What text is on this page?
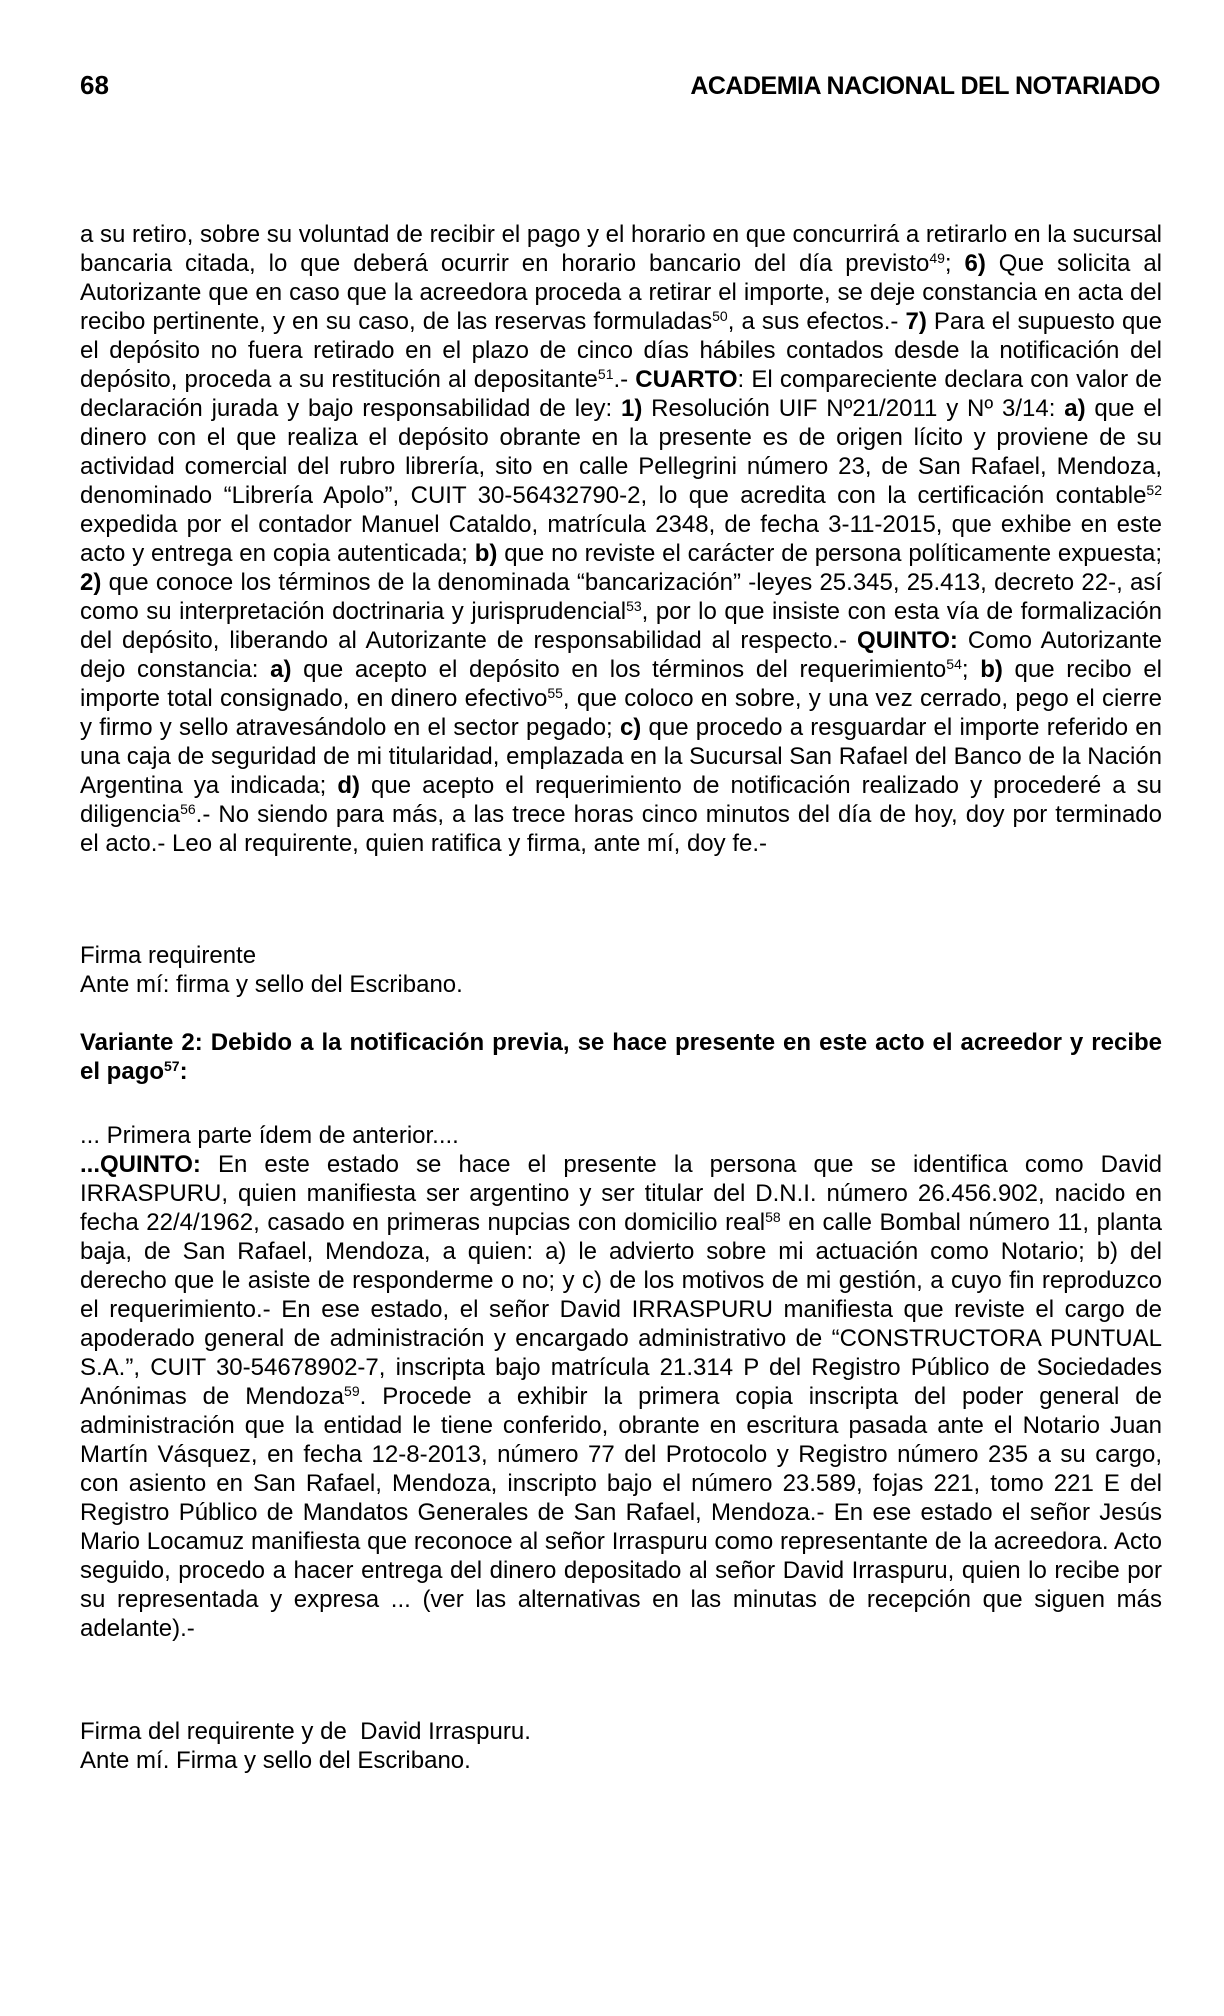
68	ACADEMIA NACIONAL DEL NOTARIADO

a su retiro, sobre su voluntad de recibir el pago y el horario en que concurrirá a retirarlo en la sucursal bancaria citada, lo que deberá ocurrir en horario bancario del día previsto$^{49}$; 6) Que solicita al Autorizante que en caso que la acreedora proceda a retirar el importe, se deje constancia en acta del recibo pertinente, y en su caso, de las reservas formuladas$^{50}$, a sus efectos.- 7) Para el supuesto que el depósito no fuera retirado en el plazo de cinco días hábiles contados desde la notificación del depósito, proceda a su restitución al depositante$^{51}$.- CUARTO: El compareciente declara con valor de declaración jurada y bajo responsabilidad de ley: 1) Resolución UIF Nº21/2011 y Nº 3/14: a) que el dinero con el que realiza el depósito obrante en la presente es de origen lícito y proviene de su actividad comercial del rubro librería, sito en calle Pellegrini número 23, de San Rafael, Mendoza, denominado “Librería Apolo”, CUIT 30-56432790-2, lo que acredita con la certificación contable$^{52}$ expedida por el contador Manuel Cataldo, matrícula 2348, de fecha 3-11-2015, que exhibe en este acto y entrega en copia autenticada; b) que no reviste el carácter de persona políticamente expuesta; 2) que conoce los términos de la denominada “bancarización” -leyes 25.345, 25.413, decreto 22-, así como su interpretación doctrinaria y jurisprudencial$^{53}$, por lo que insiste con esta vía de formalización del depósito, liberando al Autorizante de responsabilidad al respecto.- QUINTO: Como Autorizante dejo constancia: a) que acepto el depósito en los términos del requerimiento$^{54}$; b) que recibo el importe total consignado, en dinero efectivo$^{55}$, que coloco en sobre, y una vez cerrado, pego el cierre y firmo y sello atravesándolo en el sector pegado; c) que procedo a resguardar el importe referido en una caja de seguridad de mi titularidad, emplazada en la Sucursal San Rafael del Banco de la Nación Argentina ya indicada; d) que acepto el requerimiento de notificación realizado y procederé a su diligencia$^{56}$.- No siendo para más, a las trece horas cinco minutos del día de hoy, doy por terminado el acto.- Leo al requirente, quien ratifica y firma, ante mí, doy fe.-

Firma requirente

Ante mí: firma y sello del Escribano.

Variante 2: Debido a la notificación previa, se hace presente en este acto el acreedor y recibe el pago$^{57}$:

... Primera parte ídem de anterior....

...QUINTO: En este estado se hace el presente la persona que se identifica como David IRRASPURU, quien manifiesta ser argentino y ser titular del D.N.I. número 26.456.902, nacido en fecha 22/4/1962, casado en primeras nupcias con domicilio real$^{58}$ en calle Bombal número 11, planta baja, de San Rafael, Mendoza, a quien: a) le advierto sobre mi actuación como Notario; b) del derecho que le asiste de responderme o no; y c) de los motivos de mi gestión, a cuyo fin reproduzco el requerimiento.- En ese estado, el señor David IRRASPURU manifiesta que reviste el cargo de apoderado general de administración y encargado administrativo de “CONSTRUCTORA PUNTUAL S.A.”, CUIT 30-54678902-7, inscripta bajo matrícula 21.314 P del Registro Público de Sociedades Anónimas de Mendoza$^{59}$. Procede a exhibir la primera copia inscripta del poder general de administración que la entidad le tiene conferido, obrante en escritura pasada ante el Notario Juan Martín Vásquez, en fecha 12-8-2013, número 77 del Protocolo y Registro número 235 a su cargo, con asiento en San Rafael, Mendoza, inscripto bajo el número 23.589, fojas 221, tomo 221 E del Registro Público de Mandatos Generales de San Rafael, Mendoza.- En ese estado el señor Jesús Mario Locamuz manifiesta que reconoce al señor Irraspuru como representante de la acreedora. Acto seguido, procedo a hacer entrega del dinero depositado al señor David Irraspuru, quien lo recibe por su representada y expresa ... (ver las alternativas en las minutas de recepción que siguen más adelante).-

Firma del requirente y de  David Irraspuru.

Ante mí. Firma y sello del Escribano.
